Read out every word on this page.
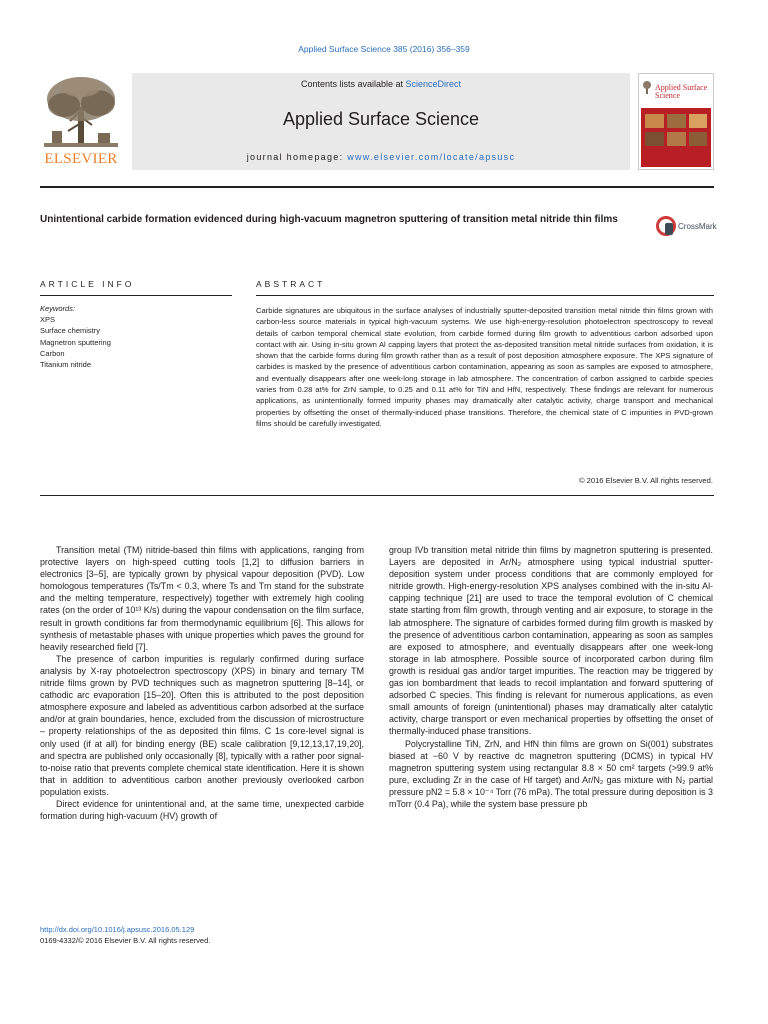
Applied Surface Science 385 (2016) 356–359
ELSEVIER
Contents lists available at ScienceDirect
Applied Surface Science
journal homepage: www.elsevier.com/locate/apsusc
Applied Surface Science
Unintentional carbide formation evidenced during high-vacuum magnetron sputtering of transition metal nitride thin films
CrossMark
ARTICLE INFO	ABSTRACT
Keywords:
XPS
Surface chemistry
Magnetron sputtering
Carbon
Titanium nitride
Carbide signatures are ubiquitous in the surface analyses of industrially sputter-deposited transition metal nitride thin films grown with carbon-less source materials in typical high-vacuum systems. We use high-energy-resolution photoelectron spectroscopy to reveal details of carbon temporal chemical state evolution, from carbide formed during film growth to adventitious carbon adsorbed upon contact with air. Using in-situ grown Al capping layers that protect the as-deposited transition metal nitride surfaces from oxidation, it is shown that the carbide forms during film growth rather than as a result of post deposition atmosphere exposure. The XPS signature of carbides is masked by the presence of adventitious carbon contamination, appearing as soon as samples are exposed to atmosphere, and eventually disappears after one week-long storage in lab atmosphere. The concentration of carbon assigned to carbide species varies from 0.28 at% for ZrN sample, to 0.25 and 0.11 at% for TiN and HfN, respectively. These findings are relevant for numerous applications, as unintentionally formed impurity phases may dramatically alter catalytic activity, charge transport and mechanical properties by offsetting the onset of thermally-induced phase transitions. Therefore, the chemical state of C impurities in PVD-grown films should be carefully investigated.
© 2016 Elsevier B.V. All rights reserved.

Transition metal (TM) nitride-based thin films with applications, ranging from protective layers on high-speed cutting tools [1,2] to diffusion barriers in electronics [3–5], are typically grown by physical vapour deposition (PVD). Low homologous temperatures (Ts/Tm < 0.3, where Ts and Tm stand for the substrate and the melting temperature, respectively) together with extremely high cooling rates (on the order of 10¹³ K/s) during the vapour condensation on the film surface, result in growth conditions far from thermodynamic equilibrium [6]. This allows for synthesis of metastable phases with unique properties which paves the ground for heavily researched field [7].

The presence of carbon impurities is regularly confirmed during surface analysis by X-ray photoelectron spectroscopy (XPS) in binary and ternary TM nitride films grown by PVD techniques such as magnetron sputtering [8–14], or cathodic arc evaporation [15–20]. Often this is attributed to the post deposition atmosphere exposure and labeled as adventitious carbon adsorbed at the surface and/or at grain boundaries, hence, excluded from the discussion of microstructure – property relationships of the as deposited thin films. C 1s core-level signal is only used (if at all) for binding energy (BE) scale calibration [9,12,13,17,19,20], and spectra are published only occasionally [8], typically with a rather poor signal-to-noise ratio that prevents complete chemical state identification. Here it is shown that in addition to adventitious carbon another previously overlooked carbon population exists.

Direct evidence for unintentional and, at the same time, unexpected carbide formation during high-vacuum (HV) growth of

group IVb transition metal nitride thin films by magnetron sputtering is presented. Layers are deposited in Ar/N₂ atmosphere using typical industrial sputter-deposition system under process conditions that are commonly employed for nitride growth. High-energy-resolution XPS analyses combined with the in-situ Al-capping technique [21] are used to trace the temporal evolution of C chemical state starting from film growth, through venting and air exposure, to storage in the lab atmosphere. The signature of carbides formed during film growth is masked by the presence of adventitious carbon contamination, appearing as soon as samples are exposed to atmosphere, and eventually disappears after one week-long storage in lab atmosphere. Possible source of incorporated carbon during film growth is residual gas and/or target impurities. The reaction may be triggered by gas ion bombardment that leads to recoil implantation and forward sputtering of adsorbed C species. This finding is relevant for numerous applications, as even small amounts of foreign (unintentional) phases may dramatically alter catalytic activity, charge transport or even mechanical properties by offsetting the onset of thermally-induced phase transitions.

Polycrystalline TiN, ZrN, and HfN thin films are grown on Si(001) substrates biased at −60 V by reactive dc magnetron sputtering (DCMS) in typical HV magnetron sputtering system using rectangular 8.8 × 50 cm² targets (>99.9 at% pure, excluding Zr in the case of Hf target) and Ar/N₂ gas mixture with N₂ partial pressure pN2 = 5.8 × 10⁻⁴ Torr (76 mPa). The total pressure during deposition is 3 mTorr (0.4 Pa), while the system base pressure pb

http://dx.doi.org/10.1016/j.apsusc.2016.05.129
0169-4332/© 2016 Elsevier B.V. All rights reserved.
